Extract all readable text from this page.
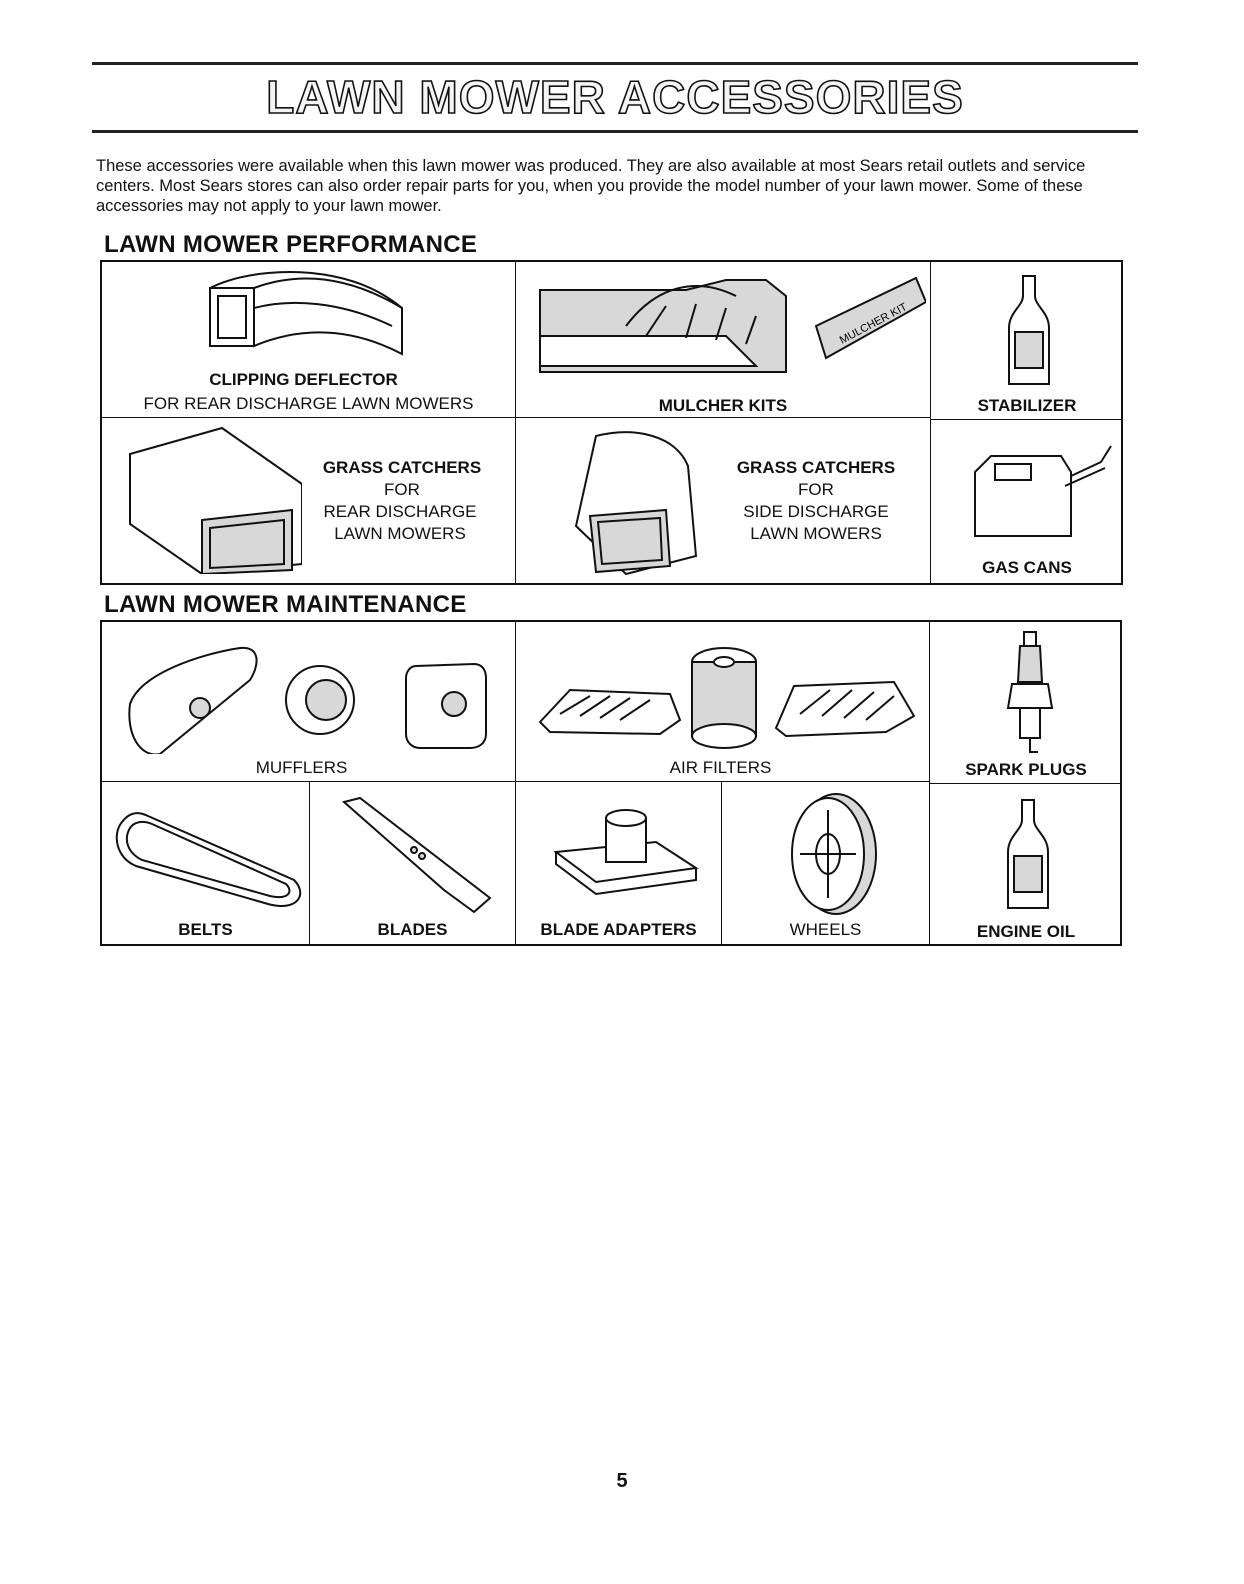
LAWN MOWER ACCESSORIES

These accessories were available when this lawn mower was produced. They are also available at most Sears retail outlets and service centers. Most Sears stores can also order repair parts for you, when you provide the model number of your lawn mower. Some of these accessories may not apply to your lawn mower.

LAWN MOWER PERFORMANCE
CLIPPING DEFLECTOR
FOR REAR DISCHARGE LAWN MOWERS
MULCHER KIT
MULCHER KITS	STABILIZER
GRASS CATCHERS
FOR
REAR DISCHARGE
LAWN MOWERS
GRASS CATCHERS
FOR
SIDE DISCHARGE
LAWN MOWERS
GAS CANS
LAWN MOWER MAINTENANCE
MUFFLERS	AIR FILTERS	SPARK PLUGS
BELTS	BLADES	BLADE ADAPTERS	WHEELS	ENGINE OIL
5
